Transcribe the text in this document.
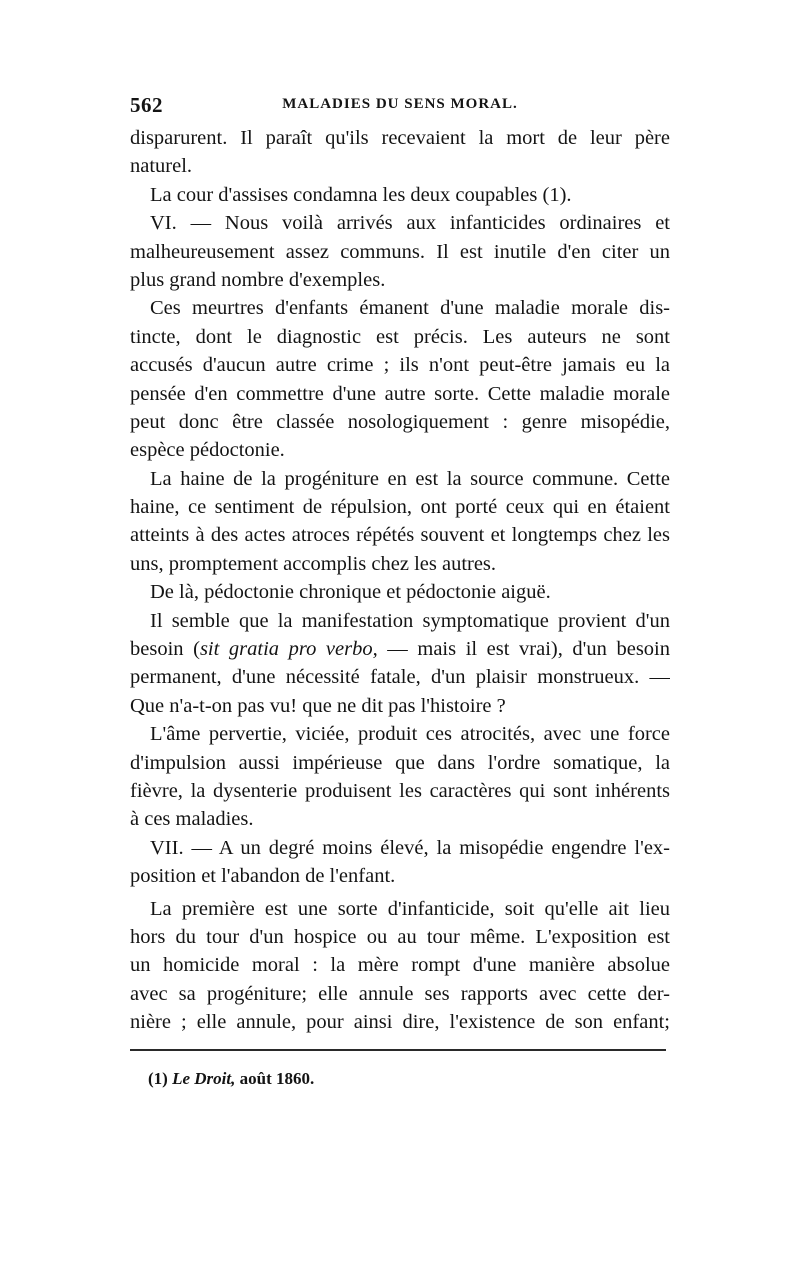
562	MALADIES DU SENS MORAL.
disparurent. Il paraît qu'ils recevaient la mort de leur père
naturel.
La cour d'assises condamna les deux coupables (1).
VI. — Nous voilà arrivés aux infanticides ordinaires et
malheureusement assez communs. Il est inutile d'en citer un
plus grand nombre d'exemples.
Ces meurtres d'enfants émanent d'une maladie morale dis-
tincte, dont le diagnostic est précis. Les auteurs ne sont
accusés d'aucun autre crime ; ils n'ont peut-être jamais eu la
pensée d'en commettre d'une autre sorte. Cette maladie morale
peut donc être classée nosologiquement : genre misopédie,
espèce pédoctonie.
La haine de la progéniture en est la source commune. Cette
haine, ce sentiment de répulsion, ont porté ceux qui en étaient
atteints à des actes atroces répétés souvent et longtemps chez les
uns, promptement accomplis chez les autres.
De là, pédoctonie chronique et pédoctonie aiguë.
Il semble que la manifestation symptomatique provient d'un
besoin (sit gratia pro verbo, — mais il est vrai), d'un besoin
permanent, d'une nécessité fatale, d'un plaisir monstrueux. —
Que n'a-t-on pas vu! que ne dit pas l'histoire ?
L'âme pervertie, viciée, produit ces atrocités, avec une force
d'impulsion aussi impérieuse que dans l'ordre somatique, la
fièvre, la dysenterie produisent les caractères qui sont inhérents
à ces maladies.
VII. — A un degré moins élevé, la misopédie engendre l'ex-
position et l'abandon de l'enfant.
La première est une sorte d'infanticide, soit qu'elle ait lieu
hors du tour d'un hospice ou au tour même. L'exposition est
un homicide moral : la mère rompt d'une manière absolue
avec sa progéniture; elle annule ses rapports avec cette der-
nière ; elle annule, pour ainsi dire, l'existence de son enfant;
(1) Le Droit, août 1860.
